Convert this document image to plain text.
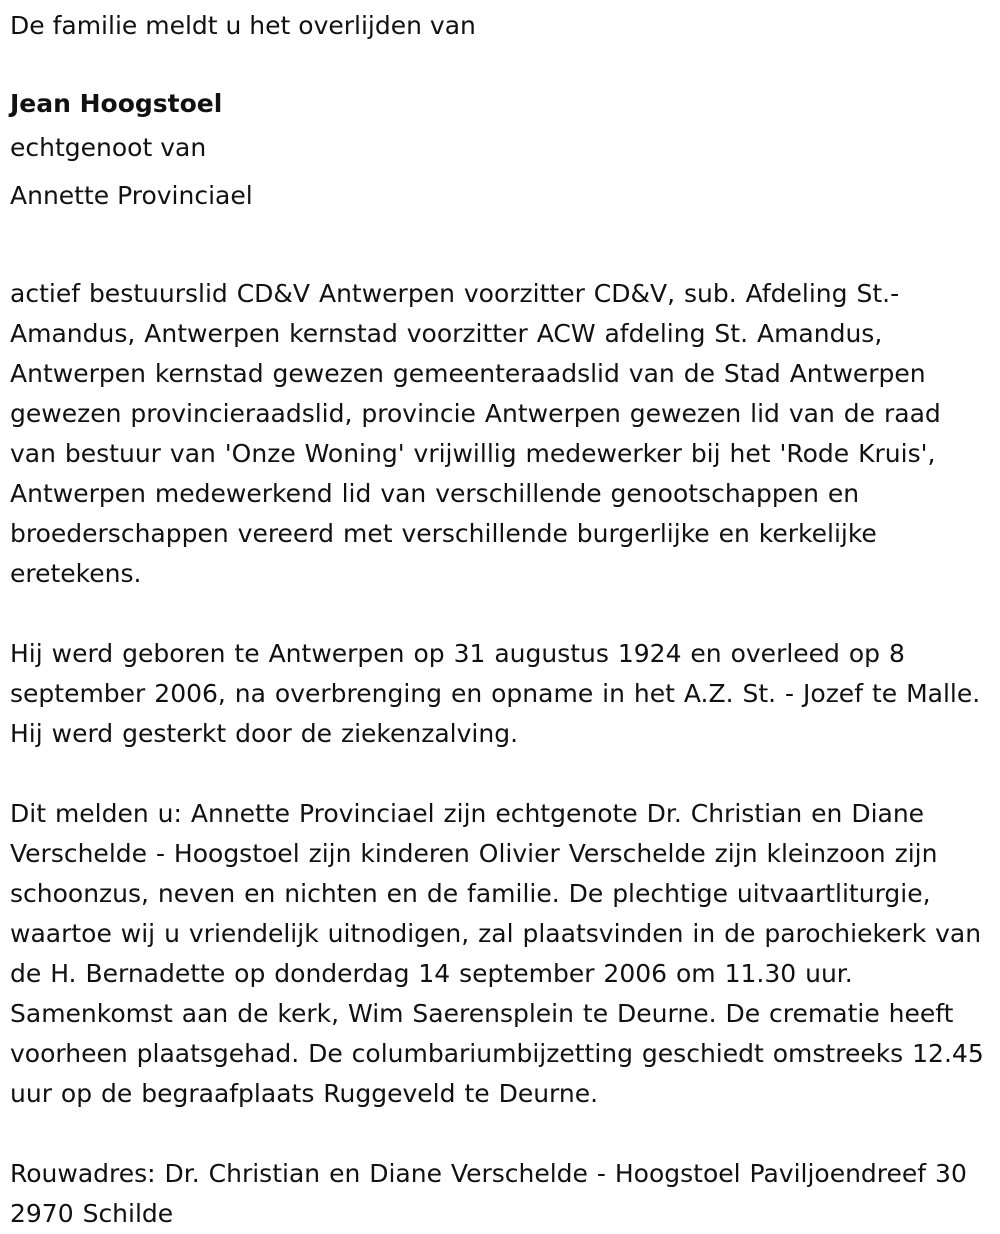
De familie meldt u het overlijden van

Jean Hoogstoel

echtgenoot van

Annette Provinciael

actief bestuurslid CD&V Antwerpen voorzitter CD&V, sub. Afdeling St.-Amandus, Antwerpen kernstad voorzitter ACW afdeling St. Amandus, Antwerpen kernstad gewezen gemeenteraadslid van de Stad Antwerpen gewezen provincieraadslid, provincie Antwerpen gewezen lid van de raad van bestuur van 'Onze Woning' vrijwillig medewerker bij het 'Rode Kruis', Antwerpen medewerkend lid van verschillende genootschappen en broederschappen vereerd met verschillende burgerlijke en kerkelijke eretekens.

Hij werd geboren te Antwerpen op 31 augustus 1924 en overleed op 8 september 2006, na overbrenging en opname in het A.Z. St. - Jozef te Malle. Hij werd gesterkt door de ziekenzalving.

Dit melden u: Annette Provinciael zijn echtgenote Dr. Christian en Diane Verschelde - Hoogstoel zijn kinderen Olivier Verschelde zijn kleinzoon zijn schoonzus, neven en nichten en de familie. De plechtige uitvaartliturgie, waartoe wij u vriendelijk uitnodigen, zal plaatsvinden in de parochiekerk van de H. Bernadette op donderdag 14 september 2006 om 11.30 uur. Samenkomst aan de kerk, Wim Saerensplein te Deurne. De crematie heeft voorheen plaatsgehad. De columbariumbijzetting geschiedt omstreeks 12.45 uur op de begraafplaats Ruggeveld te Deurne.

Rouwadres: Dr. Christian en Diane Verschelde - Hoogstoel Paviljoendreef 30 2970 Schilde
